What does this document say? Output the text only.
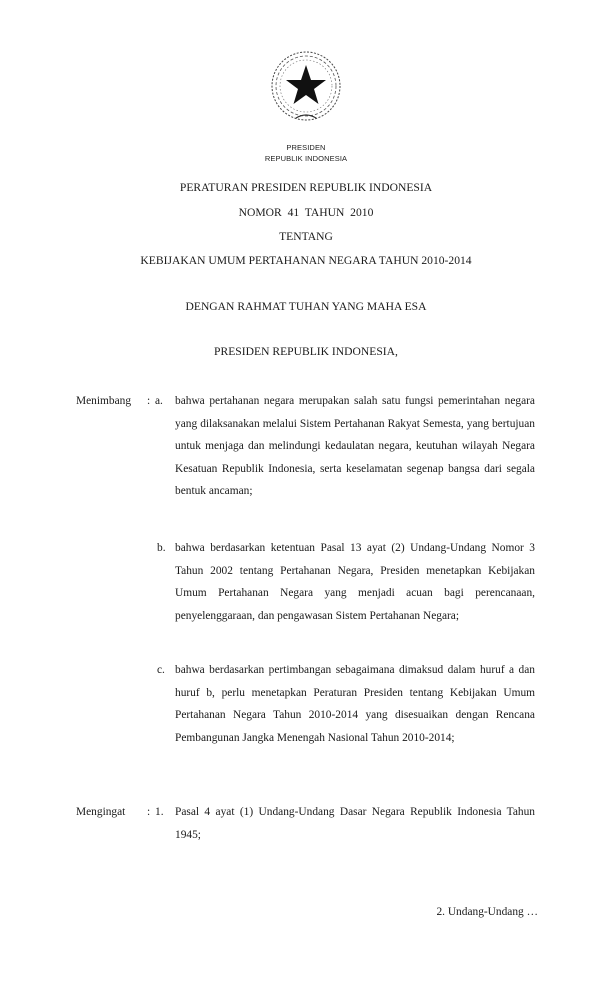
PRESIDEN
REPUBLIK INDONESIA
PERATURAN PRESIDEN REPUBLIK INDONESIA
NOMOR  41  TAHUN  2010
TENTANG
KEBIJAKAN UMUM PERTAHANAN NEGARA TAHUN 2010-2014
DENGAN RAHMAT TUHAN YANG MAHA ESA
PRESIDEN REPUBLIK INDONESIA,
Menimbang : a. bahwa pertahanan negara merupakan salah satu fungsi pemerintahan negara yang dilaksanakan melalui Sistem Pertahanan Rakyat Semesta, yang bertujuan untuk menjaga dan melindungi kedaulatan negara, keutuhan wilayah Negara Kesatuan Republik Indonesia, serta keselamatan segenap bangsa dari segala bentuk ancaman;
b. bahwa berdasarkan ketentuan Pasal 13 ayat (2) Undang-Undang Nomor 3 Tahun 2002 tentang Pertahanan Negara, Presiden menetapkan Kebijakan Umum Pertahanan Negara yang menjadi acuan bagi perencanaan, penyelenggaraan, dan pengawasan Sistem Pertahanan Negara;
c. bahwa berdasarkan pertimbangan sebagaimana dimaksud dalam huruf a dan huruf b, perlu menetapkan Peraturan Presiden tentang Kebijakan Umum Pertahanan Negara Tahun 2010-2014 yang disesuaikan dengan Rencana Pembangunan Jangka Menengah Nasional Tahun 2010-2014;
Mengingat : 1. Pasal 4 ayat (1) Undang-Undang Dasar Negara Republik Indonesia Tahun 1945;
2. Undang-Undang …
